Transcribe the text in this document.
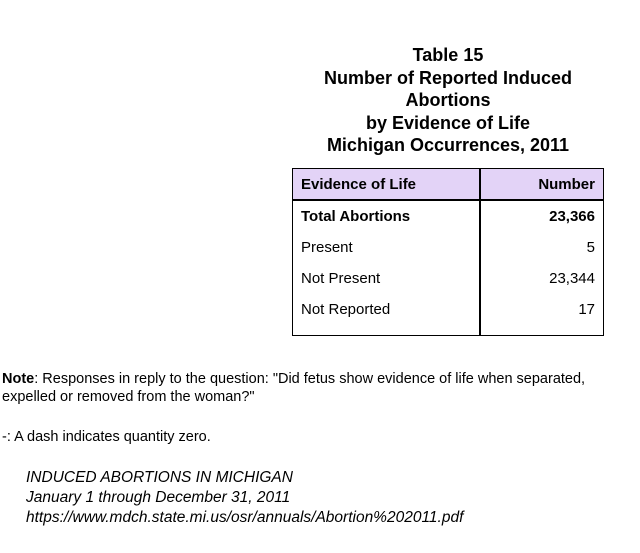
Table 15
Number of Reported Induced
Abortions
by Evidence of Life
Michigan Occurrences, 2011
Evidence of Life	Number
Total Abortions	23,366
Present	5
Not Present	23,344
Not Reported	17

Note: Responses in reply to the question: "Did fetus show evidence of life when separated, expelled or removed from the woman?"
-: A dash indicates quantity zero.
INDUCED ABORTIONS IN MICHIGAN
January 1 through December 31, 2011
https://www.mdch.state.mi.us/osr/annuals/Abortion%202011.pdf
